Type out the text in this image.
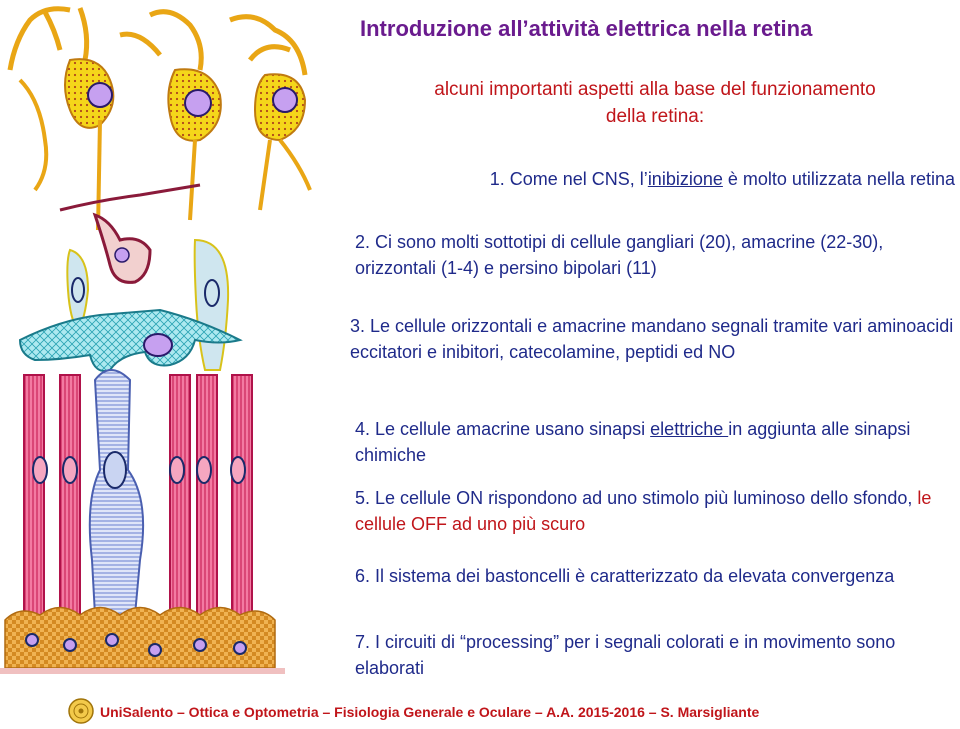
Introduzione all’attività elettrica nella retina
alcuni importanti aspetti alla base del funzionamento della retina:
1. Come nel CNS, l’inibizione è molto utilizzata nella retina
2. Ci sono molti sottotipi di cellule gangliari (20), amacrine (22-30), orizzontali (1-4) e persino bipolari (11)
3. Le cellule orizzontali e amacrine mandano segnali tramite vari aminoacidi eccitatori e inibitori, catecolamine, peptidi ed NO
4. Le cellule amacrine usano sinapsi elettriche in aggiunta alle sinapsi chimiche
5. Le cellule ON rispondono ad uno stimolo più luminoso dello sfondo, le cellule OFF ad uno più scuro
6. Il sistema dei bastoncelli è caratterizzato da elevata convergenza
7. I circuiti di “processing” per i segnali colorati e in movimento sono elaborati
UniSalento – Ottica e Optometria – Fisiologia Generale e Oculare – A.A. 2015-2016 – S. Marsigliante
